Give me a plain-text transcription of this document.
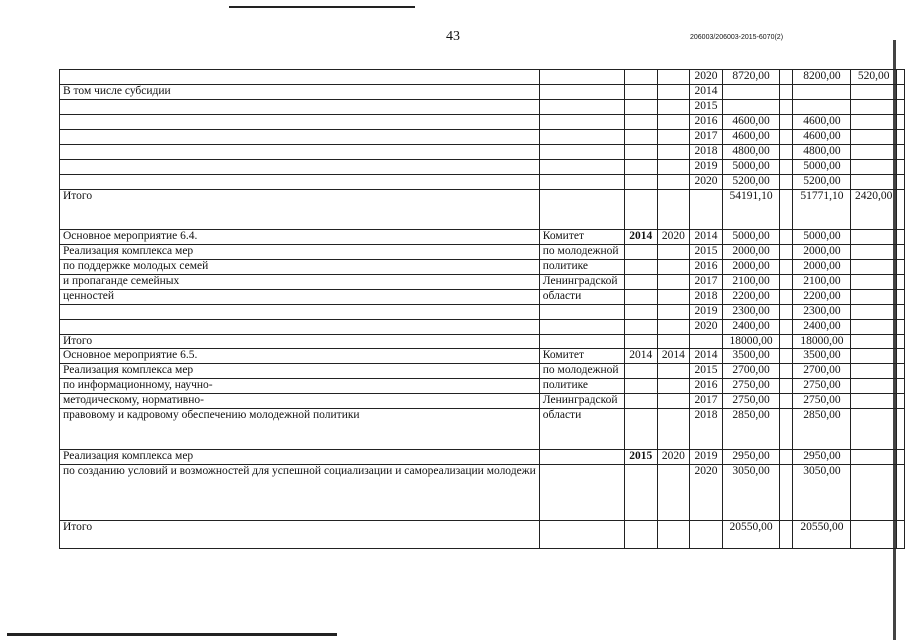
43	206003/206003-2015-6070(2)
				2020	8720,00		8200,00	520,00	
В том числе субсидии				2014					
				2015					
				2016	4600,00		4600,00		
				2017	4600,00		4600,00		
				2018	4800,00		4800,00		
				2019	5000,00		5000,00		
				2020	5200,00		5200,00		
Итого					54191,10		51771,10	2420,00	
Основное мероприятие 6.4.	Комитет	2014	2020	2014	5000,00		5000,00		
Реализация комплекса мер	по молодежной			2015	2000,00		2000,00		
по поддержке молодых семей	политике			2016	2000,00		2000,00		
и пропаганде семейных	Ленинградской			2017	2100,00		2100,00		
ценностей	области			2018	2200,00		2200,00		
				2019	2300,00		2300,00		
				2020	2400,00		2400,00		
Итого					18000,00		18000,00		
Основное мероприятие 6.5.	Комитет	2014	2014	2014	3500,00		3500,00		
Реализация комплекса мер	по молодежной			2015	2700,00		2700,00		
по информационному, научно-	политике			2016	2750,00		2750,00		
методическому, нормативно-	Ленинградской			2017	2750,00		2750,00		
правовому и кадровому обеспечению молодежной политики	области			2018	2850,00		2850,00		
Реализация комплекса мер		2015	2020	2019	2950,00		2950,00		
по созданию условий и возможностей для успешной социализации и самореализации молодежи				2020	3050,00		3050,00		
Итого					20550,00		20550,00		
